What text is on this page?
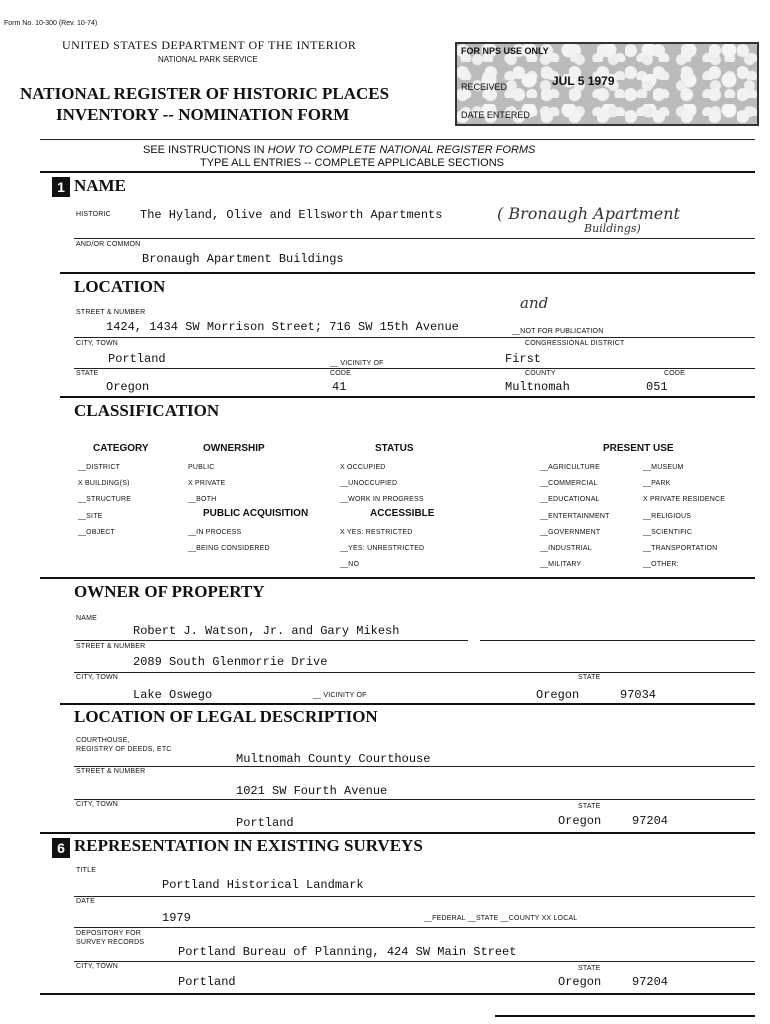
Form No. 10-300 (Rev. 10-74)
UNITED STATES DEPARTMENT OF THE INTERIOR
NATIONAL PARK SERVICE
NATIONAL REGISTER OF HISTORIC PLACES
INVENTORY -- NOMINATION FORM
FOR NPS USE ONLY
RECEIVED	JUL 5 1979
DATE ENTERED
SEE INSTRUCTIONS IN HOW TO COMPLETE NATIONAL REGISTER FORMS
TYPE ALL ENTRIES -- COMPLETE APPLICABLE SECTIONS
1 NAME
HISTORIC The Hyland, Olive and Ellsworth Apartments	( Bronaugh Apartment
Buildings)
AND/OR COMMON
Bronaugh Apartment Buildings
LOCATION
STREET & NUMBER
1424, 1434 SW Morrison Street; 716 SW 15th Avenue
and
__NOT FOR PUBLICATION
CITY, TOWN	CONGRESSIONAL DISTRICT
Portland	__ VICINITY OF	First
STATE	CODE	COUNTY	CODE
Oregon	41	Multnomah	051
CLASSIFICATION
CATEGORY
__DISTRICT
X BUILDING(S)
__STRUCTURE
__SITE
__OBJECT
OWNERSHIP
PUBLIC
X PRIVATE
__BOTH
PUBLIC ACQUISITION
__IN PROCESS
__BEING CONSIDERED
STATUS
X OCCUPIED
__UNOCCUPIED
__WORK IN PROGRESS
ACCESSIBLE
X YES: RESTRICTED
__YES: UNRESTRICTED
__NO
PRESENT USE
__AGRICULTURE
__COMMERCIAL
__EDUCATIONAL
__ENTERTAINMENT
__GOVERNMENT
__INDUSTRIAL
__MILITARY
__MUSEUM
__PARK
X PRIVATE RESIDENCE
__RELIGIOUS
__SCIENTIFIC
__TRANSPORTATION
__OTHER:
OWNER OF PROPERTY
NAME
Robert J. Watson, Jr. and Gary Mikesh
STREET & NUMBER
2089 South Glenmorrie Drive
CITY, TOWN	STATE
Lake Oswego	__ VICINITY OF	Oregon	97034
LOCATION OF LEGAL DESCRIPTION
COURTHOUSE,
REGISTRY OF DEEDS, ETC
Multnomah County Courthouse
STREET & NUMBER
1021 SW Fourth Avenue
CITY, TOWN	STATE
Portland	Oregon	97204
6 REPRESENTATION IN EXISTING SURVEYS
TITLE
Portland Historical Landmark
DATE
1979	__FEDERAL __STATE __COUNTY XX LOCAL
DEPOSITORY FOR
SURVEY RECORDS
Portland Bureau of Planning, 424 SW Main Street
CITY, TOWN	STATE
Portland	Oregon	97204
